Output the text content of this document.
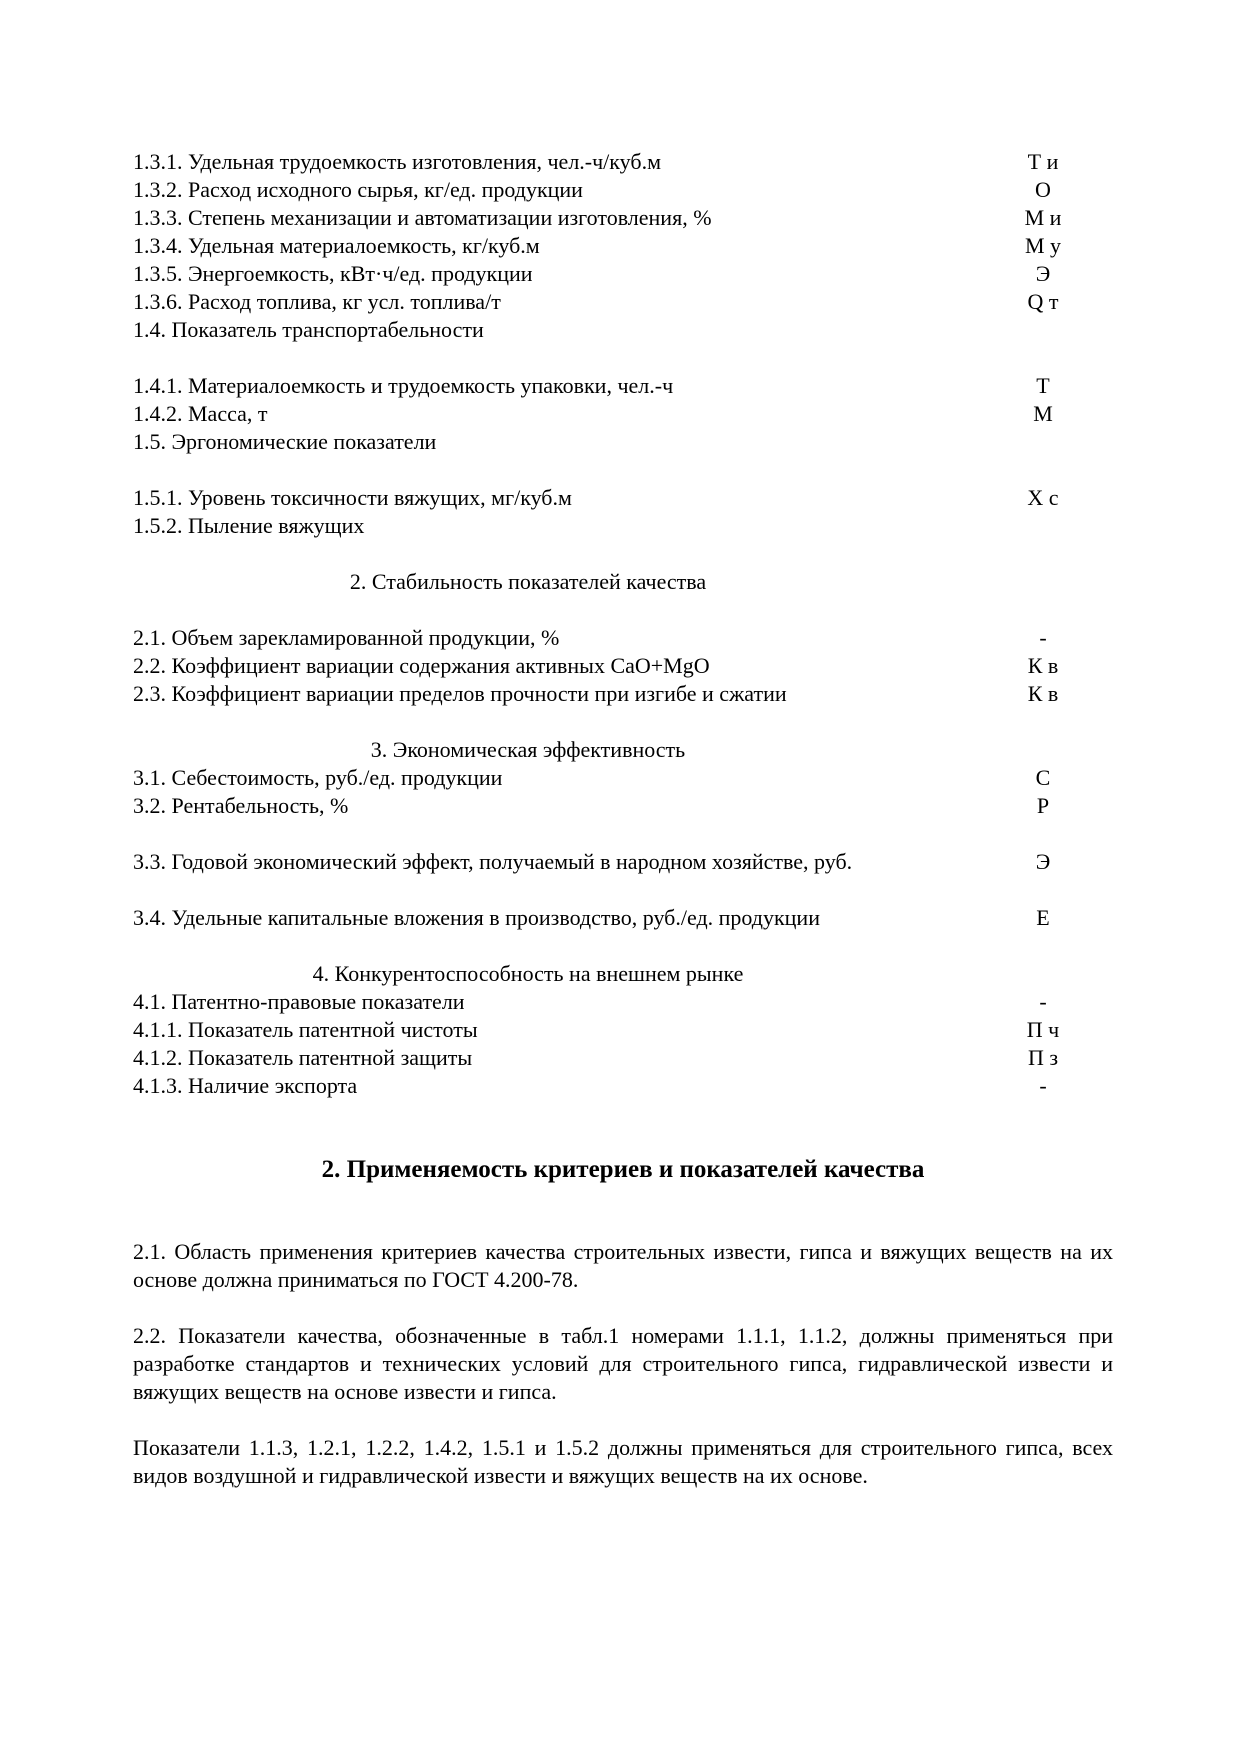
1.3.1. Удельная трудоемкость изготовления, чел.-ч/куб.м	Т и
1.3.2. Расход исходного сырья, кг/ед. продукции	О
1.3.3. Степень механизации и автоматизации изготовления, %	М и
1.3.4. Удельная материалоемкость, кг/куб.м	М у
1.3.5. Энергоемкость, кВт·ч/ед. продукции	Э
1.3.6. Расход топлива, кг усл. топлива/т	Q т
1.4. Показатель транспортабельности
1.4.1. Материалоемкость и трудоемкость упаковки, чел.-ч	Т
1.4.2. Масса, т	М
1.5. Эргономические показатели
1.5.1. Уровень токсичности вяжущих, мг/куб.м	Х с
1.5.2. Пыление вяжущих
2. Стабильность показателей качества
2.1. Объем зарекламированной продукции, %	-
2.2. Коэффициент вариации содержания активных CaO+MgO	К в
2.3. Коэффициент вариации пределов прочности при изгибе и сжатии	К в
3. Экономическая эффективность
3.1. Себестоимость, руб./ед. продукции	С
3.2. Рентабельность, %	Р
3.3. Годовой экономический эффект, получаемый в народном хозяйстве, руб.	Э
3.4. Удельные капитальные вложения в производство, руб./ед. продукции	Е
4. Конкурентоспособность на внешнем рынке
4.1. Патентно-правовые показатели	-
4.1.1. Показатель патентной чистоты	П ч
4.1.2. Показатель патентной защиты	П з
4.1.3. Наличие экспорта	-
2. Применяемость критериев и показателей качества

2.1. Область применения критериев качества строительных извести, гипса и вяжущих веществ на их основе должна приниматься по ГОСТ 4.200-78.

2.2. Показатели качества, обозначенные в табл.1 номерами 1.1.1, 1.1.2, должны применяться при разработке стандартов и технических условий для строительного гипса, гидравлической извести и вяжущих веществ на основе извести и гипса.

Показатели 1.1.3, 1.2.1, 1.2.2, 1.4.2, 1.5.1 и 1.5.2 должны применяться для строительного гипса, всех видов воздушной и гидравлической извести и вяжущих веществ на их основе.
